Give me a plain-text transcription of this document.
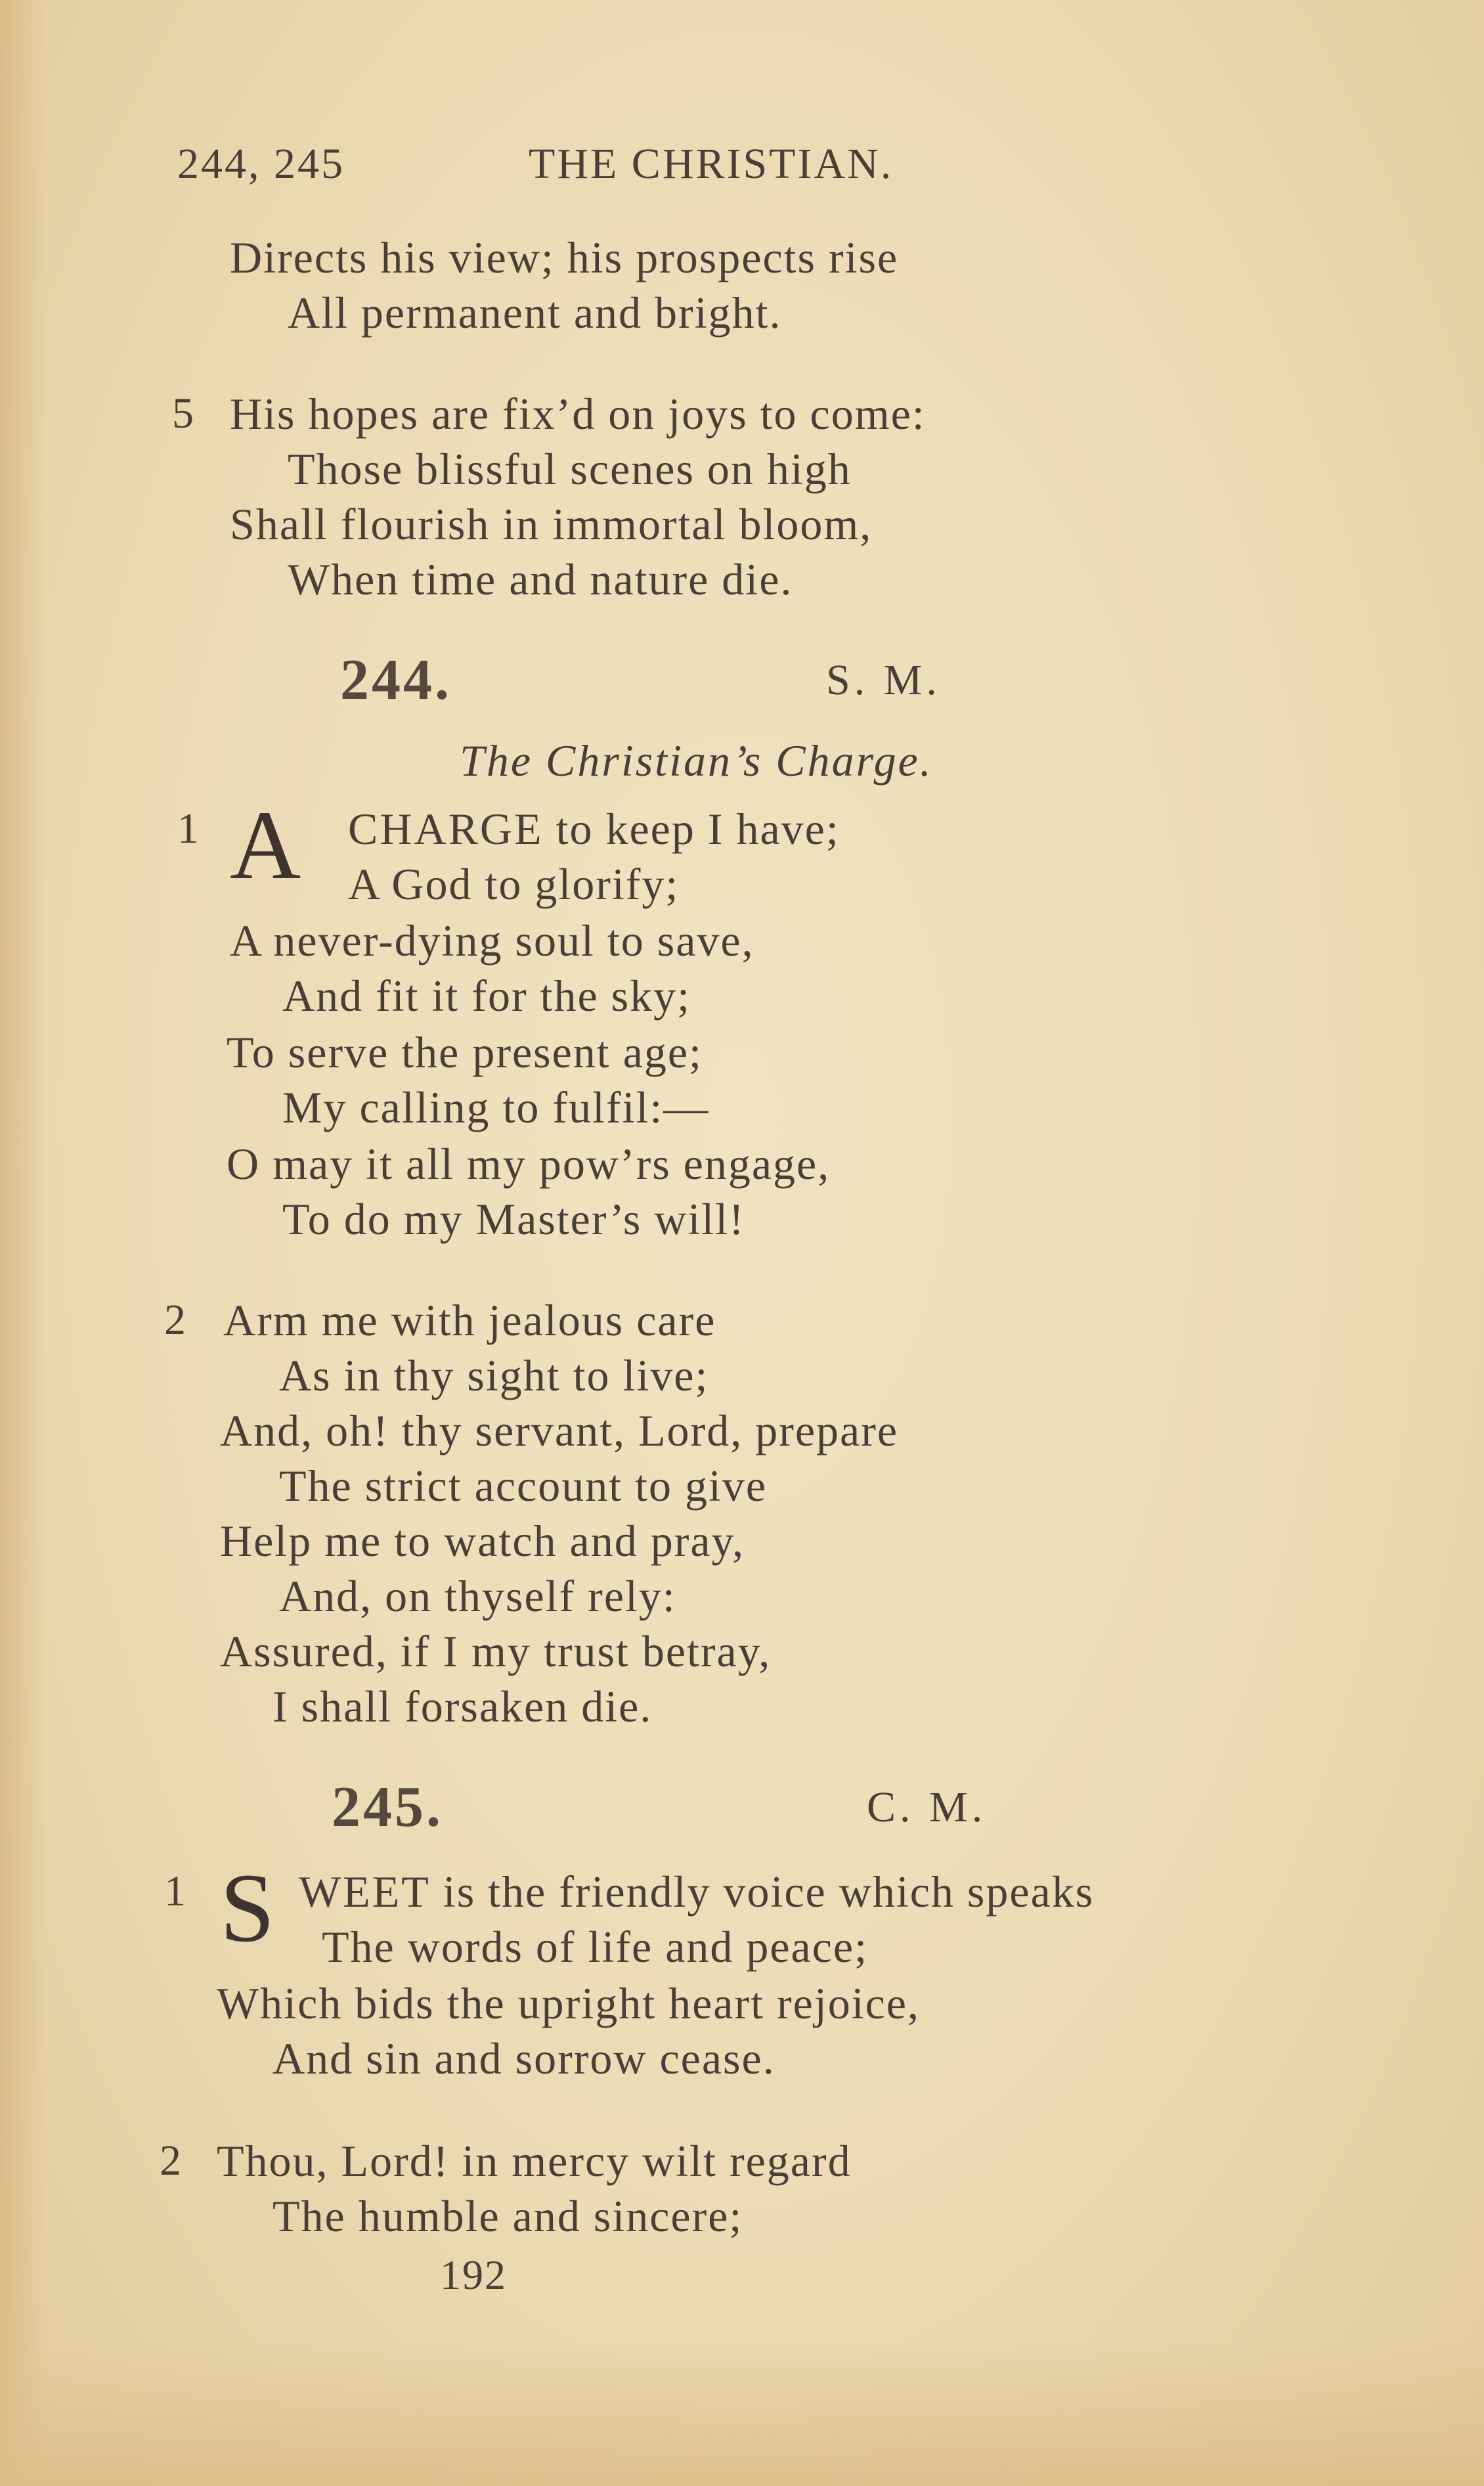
244, 245	THE CHRISTIAN.
Directs his view; his prospects rise
All permanent and bright.
5 His hopes are fix’d on joys to come:
Those blissful scenes on high
Shall flourish in immortal bloom,
When time and nature die.
244.	S. M.
The Christian’s Charge.
1 A CHARGE to keep I have;
A God to glorify;
A never-dying soul to save,
And fit it for the sky;
To serve the present age;
My calling to fulfil:—
O may it all my pow’rs engage,
To do my Master’s will!
2 Arm me with jealous care
As in thy sight to live;
And, oh! thy servant, Lord, prepare
The strict account to give
Help me to watch and pray,
And, on thyself rely:
Assured, if I my trust betray,
I shall forsaken die.
245.	C. M.
1 S WEET is the friendly voice which speaks
The words of life and peace;
Which bids the upright heart rejoice,
And sin and sorrow cease.
2 Thou, Lord! in mercy wilt regard
The humble and sincere;
192
